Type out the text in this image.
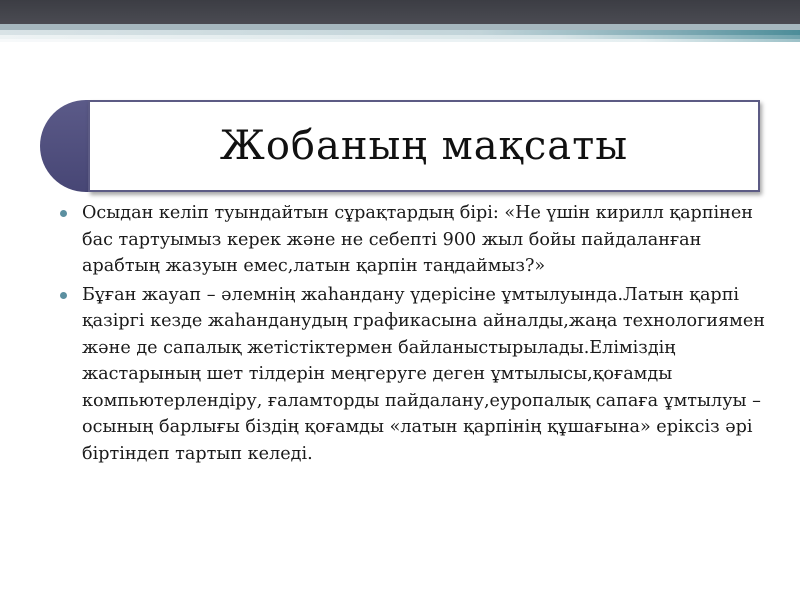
Жобаның мақсаты
Осыдан келіп туындайтын сұрақтардың бірі: «Не үшін кирилл қарпінен бас тартуымыз керек және не себепті 900 жыл бойы пайдаланған арабтың жазуын емес,латын қарпін таңдаймыз?»
Бұған жауап – әлемнің жаһандану үдерісіне ұмтылуында.Латын қарпі қазіргі кезде жаһанданудың графикасына айналды,жаңа технологиямен және де сапалық жетістіктермен байланыстырылады.Еліміздің жастарының шет тілдерін меңгеруге деген ұмтылысы,қоғамды компьютерлендіру, ғаламторды пайдалану,еуропалық сапаға ұмтылуы – осының барлығы біздің қоғамды «латын қарпінің құшағына» еріксіз әрі біртіндеп тартып келеді.
